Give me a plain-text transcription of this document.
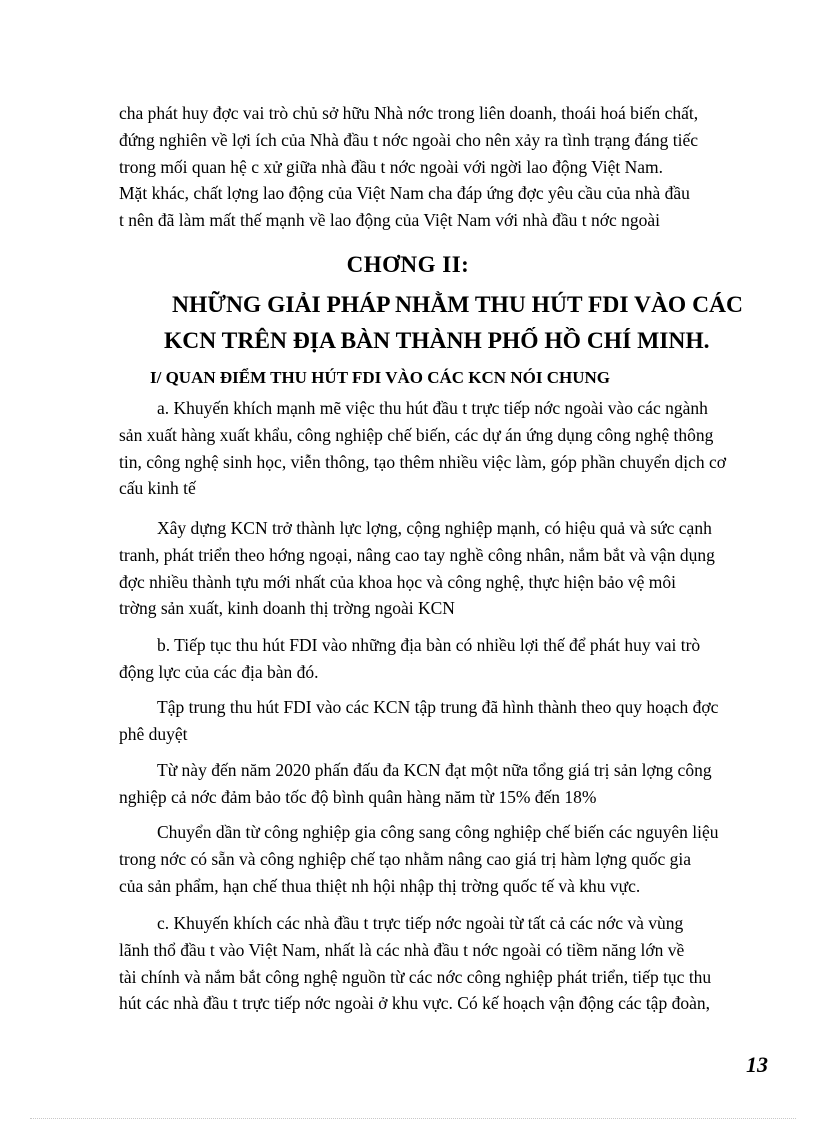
cha phát huy đợc vai trò chủ sở hữu Nhà nớc trong liên doanh, thoái hoá biến chất,
đứng nghiên về lợi ích của Nhà đầu t nớc ngoài cho nên xảy ra tình trạng đáng tiếc
trong mối quan hệ c xử giữa nhà đầu t nớc ngoài với ngời lao động Việt Nam.
Mặt khác, chất lợng lao động của Việt Nam cha đáp ứng đợc yêu cầu của nhà đầu
t nên đã làm mất thế mạnh về lao động của Việt Nam với nhà đầu t nớc ngoài

CHƠNG II:

NHỮNG GIẢI PHÁP NHẰM THU HÚT FDI VÀO CÁC
KCN TRÊN ĐỊA BÀN THÀNH PHỐ HỒ CHÍ MINH.

I/ QUAN ĐIỂM THU HÚT FDI VÀO CÁC KCN NÓI CHUNG

a. Khuyến khích mạnh mẽ việc thu hút đầu t trực tiếp nớc ngoài vào các ngành
sản xuất hàng xuất khẩu, công nghiệp chế biến, các dự án ứng dụng công nghệ thông
tin, công nghệ sinh học, viễn thông, tạo thêm nhiều việc làm, góp phần chuyển dịch cơ
cấu kinh tế

Xây dựng KCN trở thành lực lợng, cộng nghiệp mạnh, có hiệu quả và sức cạnh
tranh, phát triển theo hớng ngoại, nâng cao tay nghề công nhân, nắm bắt và vận dụng
đợc nhiều thành tựu mới nhất của khoa học và công nghệ, thực hiện bảo vệ môi
trờng sản xuất, kinh doanh thị trờng ngoài KCN

b. Tiếp tục thu hút FDI vào những địa bàn có nhiều lợi thế để phát huy vai trò
động lực của các địa bàn đó.

Tập trung thu hút FDI vào các KCN tập trung đã hình thành theo quy hoạch đợc
phê duyệt

Từ này đến năm 2020 phấn đấu đa KCN đạt một nữa tổng giá trị sản lợng công
nghiệp cả nớc đảm bảo tốc độ bình quân hàng năm từ 15% đến 18%

Chuyển dần từ công nghiệp gia công sang công nghiệp chế biến các nguyên liệu
trong nớc có sẵn và công nghiệp chế tạo nhằm nâng cao giá trị hàm lợng quốc gia
của sản phẩm, hạn chế thua thiệt nh hội nhập thị trờng quốc tế và khu vực.

c. Khuyến khích các nhà đầu t trực tiếp nớc ngoài từ tất cả các nớc và vùng
lãnh thổ đầu t vào Việt Nam, nhất là các nhà đầu t nớc ngoài có tiềm năng lớn về
tài chính và nắm bắt công nghệ nguồn từ các nớc công nghiệp phát triển, tiếp tục thu
hút các nhà đầu t trực tiếp nớc ngoài ở khu vực. Có kế hoạch vận động các tập đoàn,

13
